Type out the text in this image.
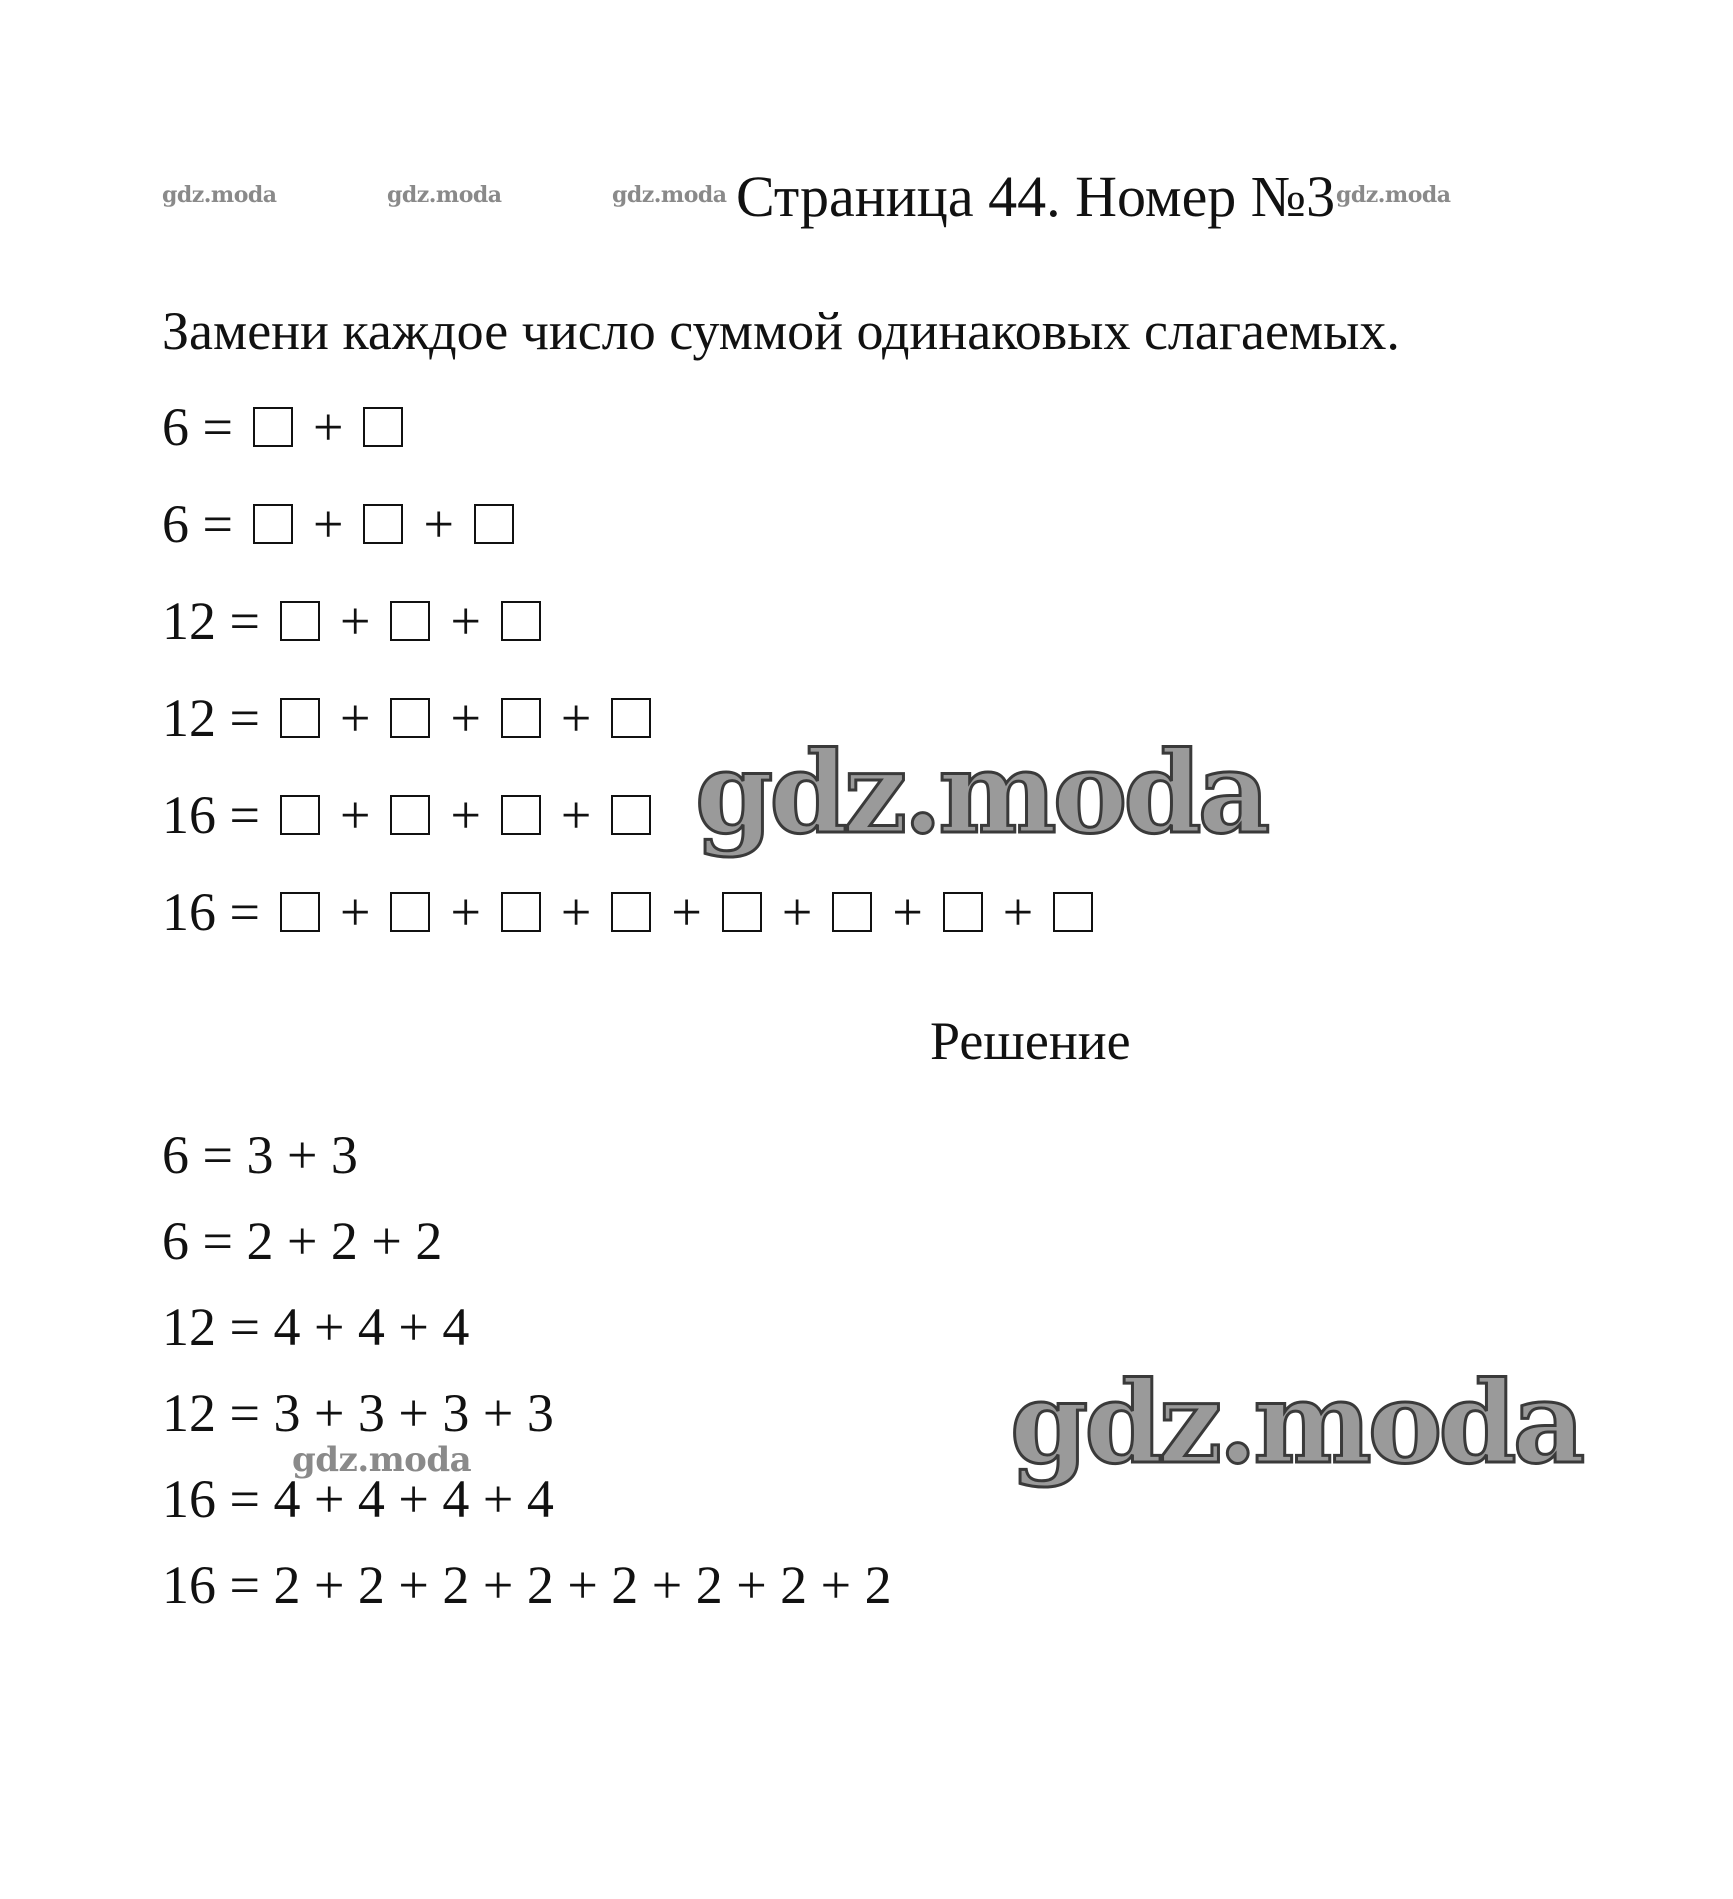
gdz.moda	gdz.moda	gdz.moda	gdz.moda
Страница 44. Номер №3
Замени каждое число суммой одинаковых слагаемых.
6 = +
6 = + +
12 = + +
12 = + + +
16 = + + +
16 = + + + + + + +
Решение
6 = 3 + 3
6 = 2 + 2 + 2
12 = 4 + 4 + 4
12 = 3 + 3 + 3 + 3
16 = 4 + 4 + 4 + 4
16 = 2 + 2 + 2 + 2 + 2 + 2 + 2 + 2
gdz.moda
gdz.moda
gdz.moda
